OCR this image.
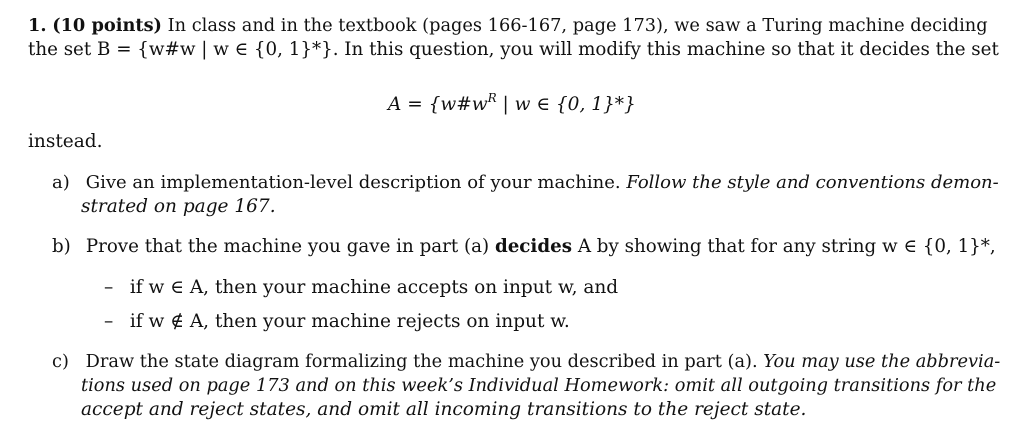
1. (10 points) In class and in the textbook (pages 166-167, page 173), we saw a Turing machine deciding
the set B = {w#w | w ∈ {0, 1}*}. In this question, you will modify this machine so that it decides the set
$A = \{w\#w^R$ | w ∈ {0, 1}*}
instead.
a) Give an implementation-level description of your machine. Follow the style and conventions demon-
strated on page 167.
b) Prove that the machine you gave in part (a) decides A by showing that for any string w ∈ {0, 1}*,
– if w ∈ A, then your machine accepts on input w, and
– if w ∉ A, then your machine rejects on input w.
c) Draw the state diagram formalizing the machine you described in part (a). You may use the abbrevia-
tions used on page 173 and on this week’s Individual Homework: omit all outgoing transitions for the
accept and reject states, and omit all incoming transitions to the reject state.
